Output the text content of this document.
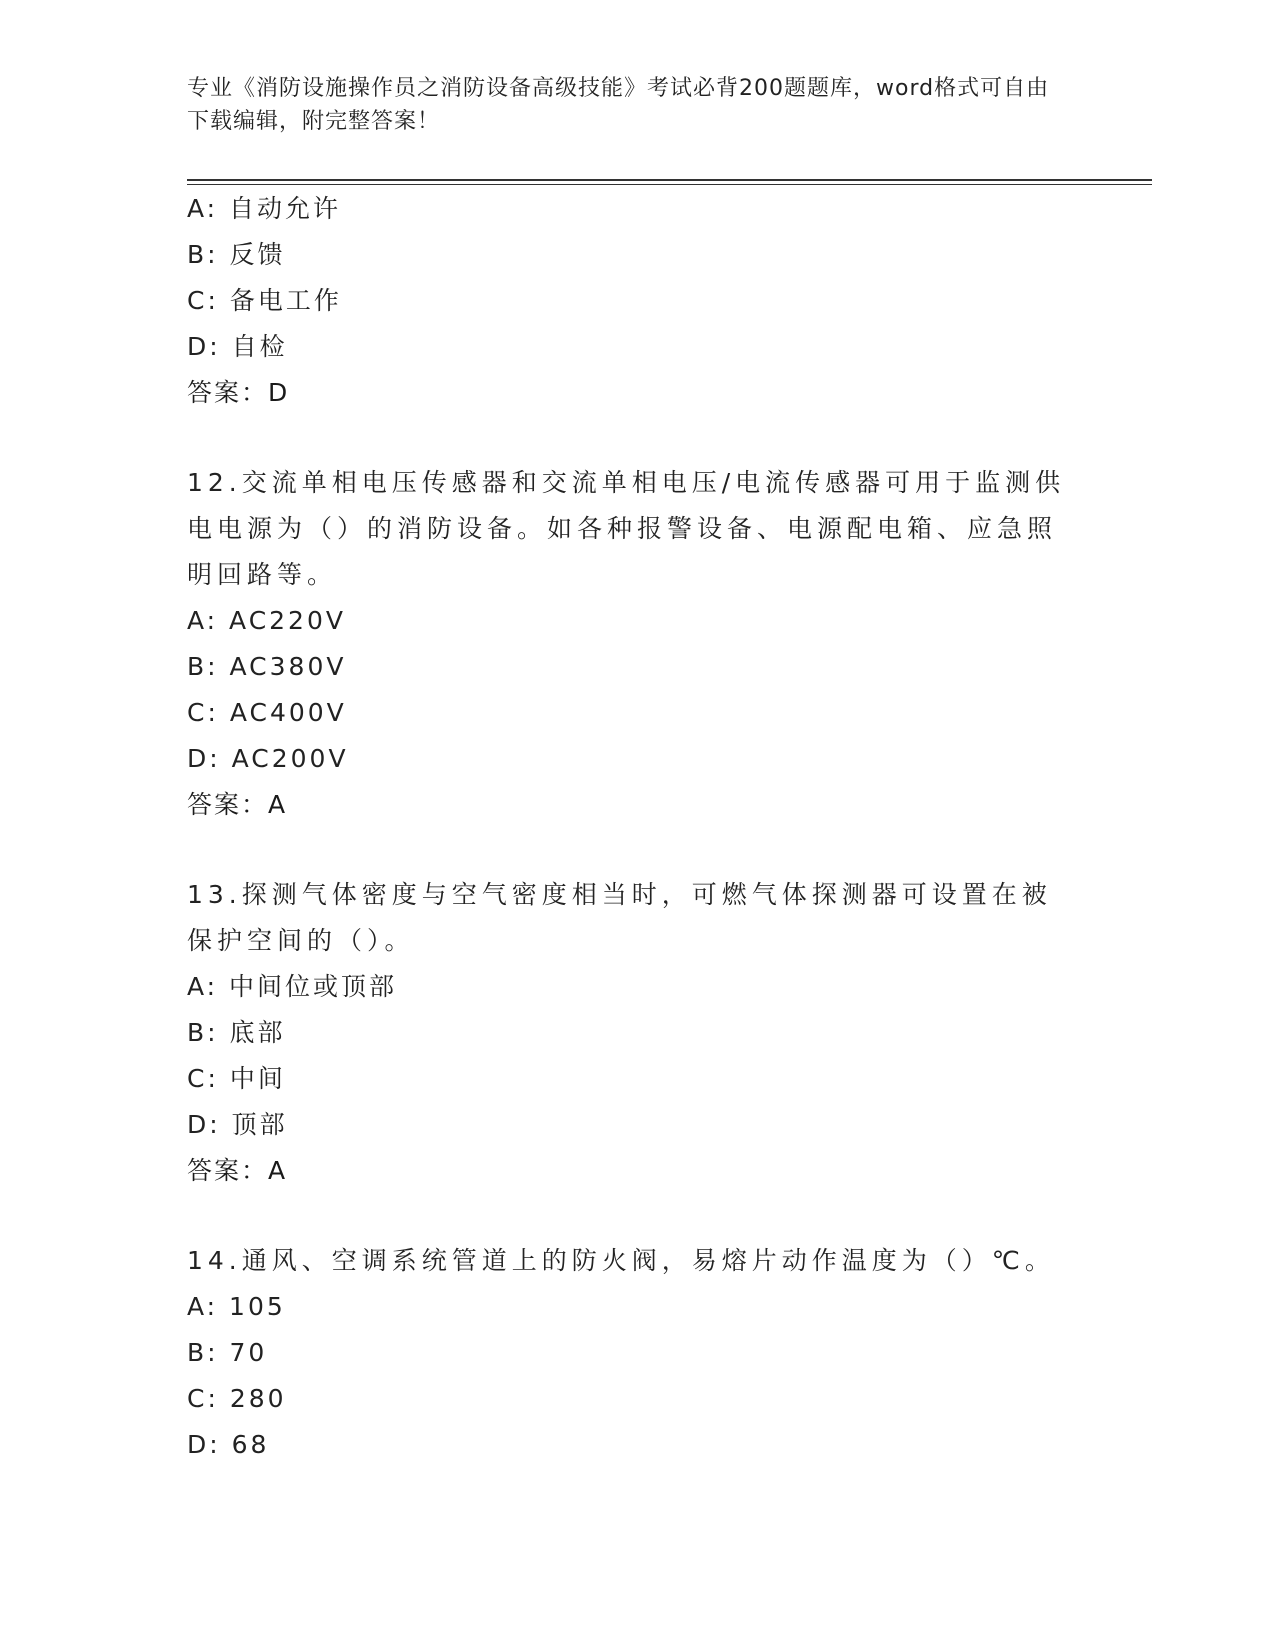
专业《消防设施操作员之消防设备高级技能》考试必背200题题库，word格式可自由下载编辑，附完整答案！
A: 自动允许
B: 反馈
C: 备电工作
D: 自检
答案：D
12.交流单相电压传感器和交流单相电压/电流传感器可用于监测供电电源为（）的消防设备。如各种报警设备、电源配电箱、应急照明回路等。
A: AC220V
B: AC380V
C: AC400V
D: AC200V
答案：A
13.探测气体密度与空气密度相当时，可燃气体探测器可设置在被保护空间的（）。
A: 中间位或顶部
B: 底部
C: 中间
D: 顶部
答案：A
14.通风、空调系统管道上的防火阀，易熔片动作温度为（）℃。
A: 105
B: 70
C: 280
D: 68
